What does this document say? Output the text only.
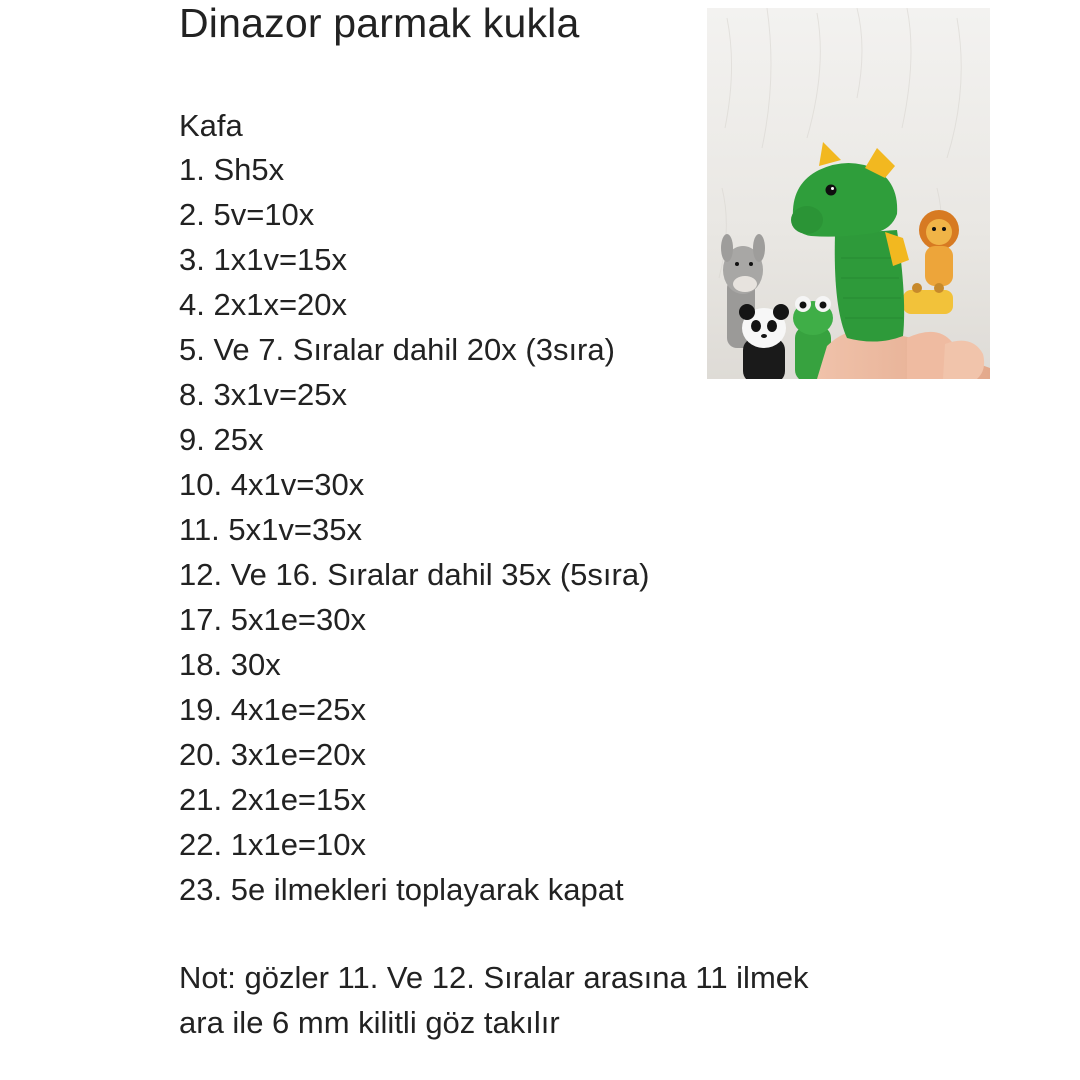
Dinazor parmak kukla
Kafa
1. Sh5x
2. 5v=10x
3. 1x1v=15x
4. 2x1x=20x
5. Ve 7. Sıralar dahil 20x (3sıra)
8. 3x1v=25x
9. 25x
10. 4x1v=30x
11. 5x1v=35x
12. Ve 16. Sıralar dahil 35x (5sıra)
17. 5x1e=30x
18. 30x
19. 4x1e=25x
20. 3x1e=20x
21. 2x1e=15x
22. 1x1e=10x
23. 5e ilmekleri toplayarak kapat
Not: gözler 11. Ve 12. Sıralar arasına 11 ilmek
ara ile 6 mm kilitli göz takılır
